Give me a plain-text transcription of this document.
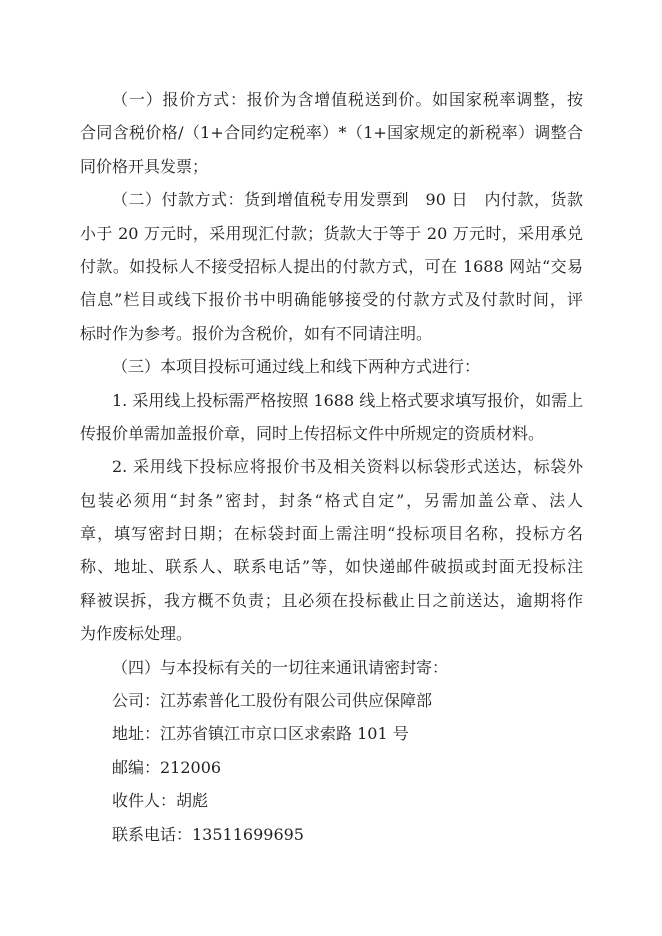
（一）报价方式：报价为含增值税送到价。如国家税率调整，按
合同含税价格/（1+合同约定税率）*（1+国家规定的新税率）调整合
同价格开具发票；
（二）付款方式：货到增值税专用发票到　90 日　内付款，货款
小于 20 万元时，采用现汇付款；货款大于等于 20 万元时，采用承兑
付款。如投标人不接受招标人提出的付款方式，可在 1688 网站“交易
信息”栏目或线下报价书中明确能够接受的付款方式及付款时间，评
标时作为参考。报价为含税价，如有不同请注明。
（三）本项目投标可通过线上和线下两种方式进行：
1. 采用线上投标需严格按照 1688 线上格式要求填写报价，如需上
传报价单需加盖报价章，同时上传招标文件中所规定的资质材料。
2. 采用线下投标应将报价书及相关资料以标袋形式送达，标袋外
包装必须用“封条”密封，封条“格式自定”，另需加盖公章、法人
章，填写密封日期；在标袋封面上需注明“投标项目名称，投标方名
称、地址、联系人、联系电话”等，如快递邮件破损或封面无投标注
释被误拆，我方概不负责；且必须在投标截止日之前送达，逾期将作
为作废标处理。
（四）与本投标有关的一切往来通讯请密封寄：
公司：江苏索普化工股份有限公司供应保障部
地址：江苏省镇江市京口区求索路 101 号
邮编：212006
收件人：胡彪
联系电话：13511699695
